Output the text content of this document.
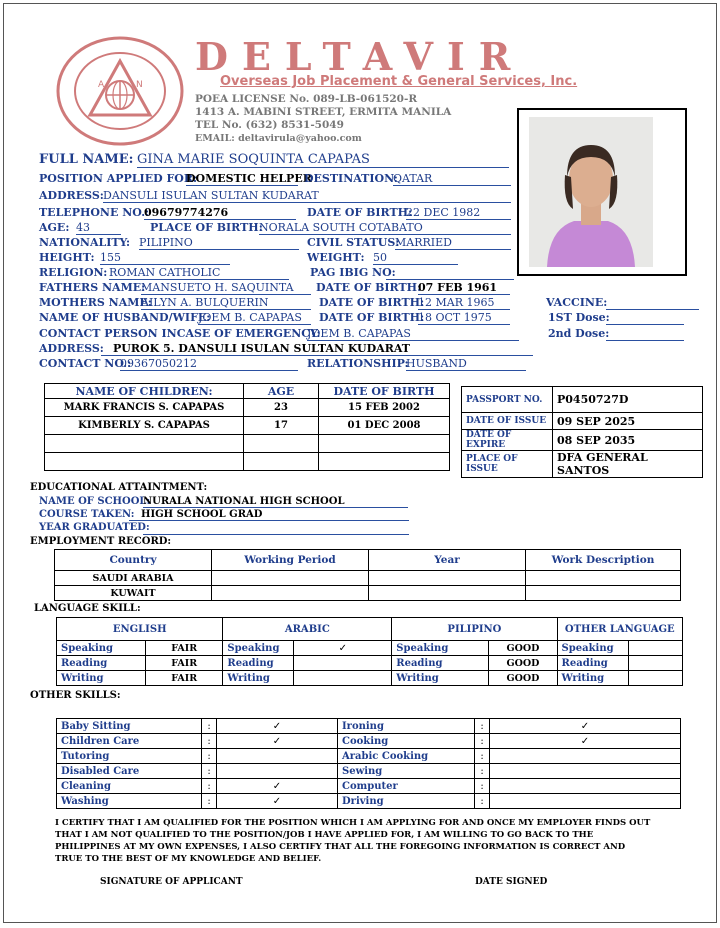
A	N
DELTAVIR
Overseas Job Placement & General Services, Inc.
POEA LICENSE No. 089-LB-061520-R
1413 A. MABINI STREET, ERMITA MANILA
TEL No. (632) 8531-5049
EMAIL: deltavirula@yahoo.com
FULL NAME: GINA MARIE SOQUINTA CAPAPAS
POSITION APPLIED FOR:
DOMESTIC HELPER
DESTINATION:
QATAR
ADDRESS: DANSULI ISULAN SULTAN KUDARAT
TELEPHONE NO.:
09679774276	DATE OF BIRTH:
22 DEC 1982
AGE: 43	PLACE OF BIRTH:
NORALA SOUTH COTABATO
NATIONALITY: PILIPINO	CIVIL STATUS:
MARRIED
HEIGHT: 155	WEIGHT: 50
RELIGION: ROMAN CATHOLIC	PAG IBIG NO:
FATHERS NAME:
MANSUETO H. SAQUINTA	DATE OF BIRTH:
07 FEB 1961
MOTHERS NAME:
AILYN A. BULQUERIN	DATE OF BIRTH:
12 MAR 1965
NAME OF HUSBAND/WIFE:
JOEM B. CAPAPAS	DATE OF BIRTH:
18 OCT 1975
CONTACT PERSON INCASE OF EMERGENCY:
JOEM B. CAPAPAS
ADDRESS: PUROK 5. DANSULI ISULAN SULTAN KUDARAT
CONTACT NO.:
09367050212	RELATIONSHIP:
HUSBAND
VACCINE:
1ST Dose:
2nd Dose:
NAME OF CHILDREN:	AGE	DATE OF BIRTH
MARK FRANCIS S. CAPAPAS	23	15 FEB 2002
KIMBERLY S. CAPAPAS	17	01 DEC 2008

PASSPORT NO.	P0450727D
DATE OF ISSUE	09 SEP 2025
DATE OF EXPIRE	08 SEP 2035
PLACE OF ISSUE	DFA GENERAL SANTOS
EDUCATIONAL ATTAINTMENT:
NAME OF SCHOOL:
NURALA NATIONAL HIGH SCHOOL
COURSE TAKEN: HIGH SCHOOL GRAD
YEAR GRADUATED:
EMPLOYMENT RECORD:
Country	Working Period	Year	Work Description
SAUDI ARABIA			
KUWAIT			
LANGUAGE SKILL:
ENGLISH		ARABIC		PILIPINO		OTHER LANGUAGE	
Speaking	FAIR	Speaking	✓	Speaking	GOOD	Speaking	
Reading	FAIR	Reading		Reading	GOOD	Reading	
Writing	FAIR	Writing		Writing	GOOD	Writing	
OTHER SKILLS:
Baby Sitting	:	✓	Ironing	:	✓
Children Care	:	✓	Cooking	:	✓
Tutoring	:		Arabic Cooking	:	
Disabled Care	:		Sewing	:	
Cleaning	:	✓	Computer	:	
Washing	:	✓	Driving	:	
I CERTIFY THAT I AM QUALIFIED FOR THE POSITION WHICH I AM APPLYING FOR AND ONCE MY EMPLOYER FINDS OUT THAT I AM NOT QUALIFIED TO THE POSITION/JOB I HAVE APPLIED FOR, I AM WILLING TO GO BACK TO THE PHILIPPINES AT MY OWN EXPENSES, I ALSO CERTIFY THAT ALL THE FOREGOING INFORMATION IS CORRECT AND TRUE TO THE BEST OF MY KNOWLEDGE AND BELIEF.
SIGNATURE OF APPLICANT	DATE SIGNED
